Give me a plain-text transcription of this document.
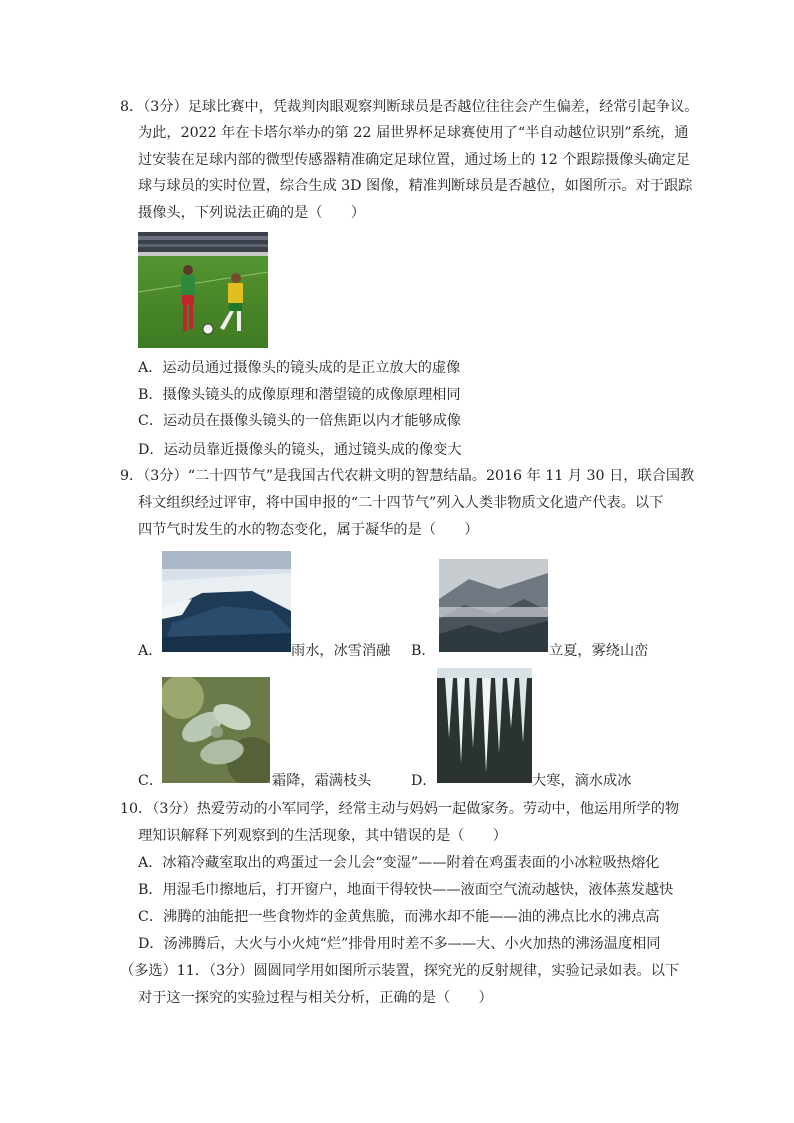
8．（3分）足球比赛中，凭裁判肉眼观察判断球员是否越位往往会产生偏差，经常引起争议。
为此，2022 年在卡塔尔举办的第 22 届世界杯足球赛使用了“半自动越位识别”系统，通
过安装在足球内部的微型传感器精准确定足球位置，通过场上的 12 个跟踪摄像头确定足
球与球员的实时位置，综合生成 3D 图像，精准判断球员是否越位，如图所示。对于跟踪
摄像头，下列说法正确的是（　　）
A．运动员通过摄像头的镜头成的是正立放大的虚像
B．摄像头镜头的成像原理和潜望镜的成像原理相同
C．运动员在摄像头镜头的一倍焦距以内才能够成像
D．运动员靠近摄像头的镜头，通过镜头成的像变大
9．（3分）“二十四节气”是我国古代农耕文明的智慧结晶。2016 年 11 月 30 日，联合国教
科文组织经过评审，将中国申报的“二十四节气”列入人类非物质文化遗产代表。以下
四节气时发生的水的物态变化，属于凝华的是（　　）
A．	雨水，冰雪消融 B．	立夏，雾绕山峦
C．	霜降，霜满枝头	D．	大寒，滴水成冰
10．（3分）热爱劳动的小军同学，经常主动与妈妈一起做家务。劳动中，他运用所学的物
理知识解释下列观察到的生活现象，其中错误的是（　　）
A．冰箱冷藏室取出的鸡蛋过一会儿会“变湿”——附着在鸡蛋表面的小冰粒吸热熔化
B．用湿毛巾擦地后，打开窗户，地面干得较快——液面空气流动越快，液体蒸发越快
C．沸腾的油能把一些食物炸的金黄焦脆，而沸水却不能——油的沸点比水的沸点高
D．汤沸腾后，大火与小火炖“烂”排骨用时差不多——大、小火加热的沸汤温度相同
（多选）11．（3分）圆圆同学用如图所示装置，探究光的反射规律，实验记录如表。以下
对于这一探究的实验过程与相关分析，正确的是（　　）
